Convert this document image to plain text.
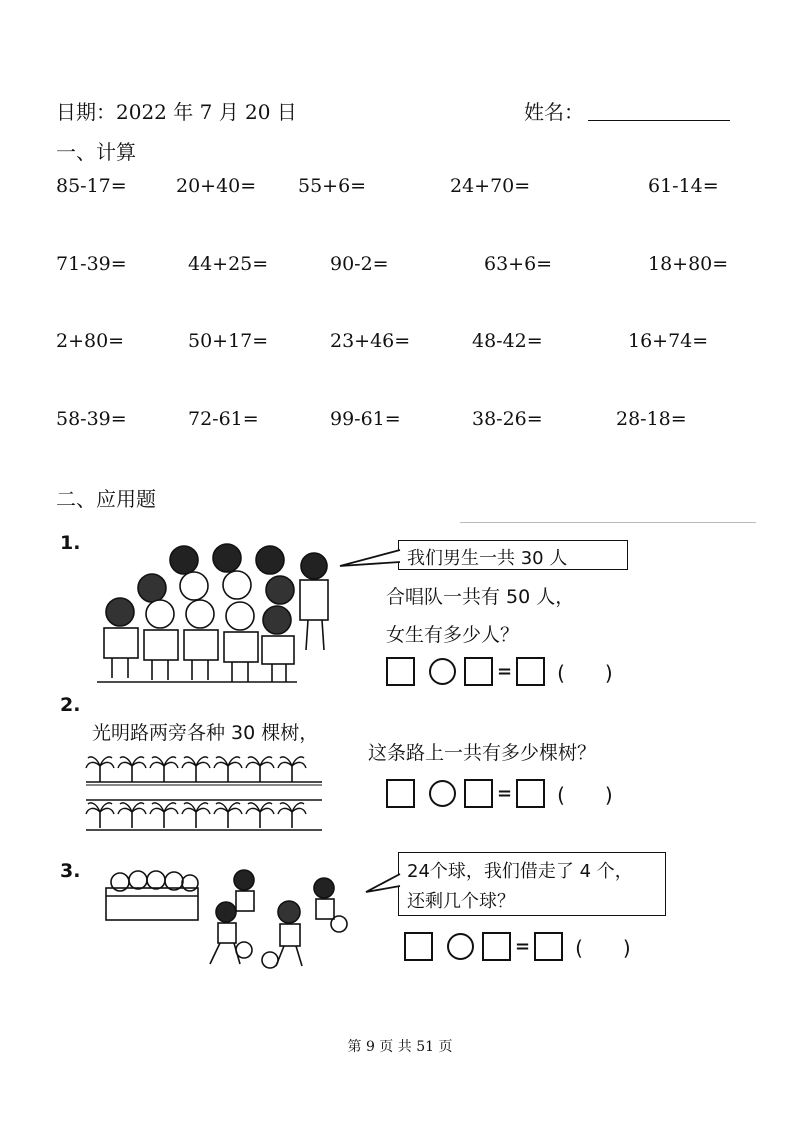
日期：2022 年 7 月 20 日	姓名：
一、计算
85-17=	20+40= 55+6=	24+70=	61-14=
71-39=	44+25=	90-2=	63+6=	18+80=
2+80=	50+17=	23+46=	48-42=	16+74=
58-39=	72-61=	99-61=	38-26=	28-18=
二、应用题
1.
我们男生一共 30 人
合唱队一共有 50 人，
女生有多少人？
= (　　)
2.
光明路两旁各种 30 棵树，
这条路上一共有多少棵树？
= (　　)
3.	24个球，我们借走了 4 个，
还剩几个球？
= (　　)
第 9 页 共 51 页
